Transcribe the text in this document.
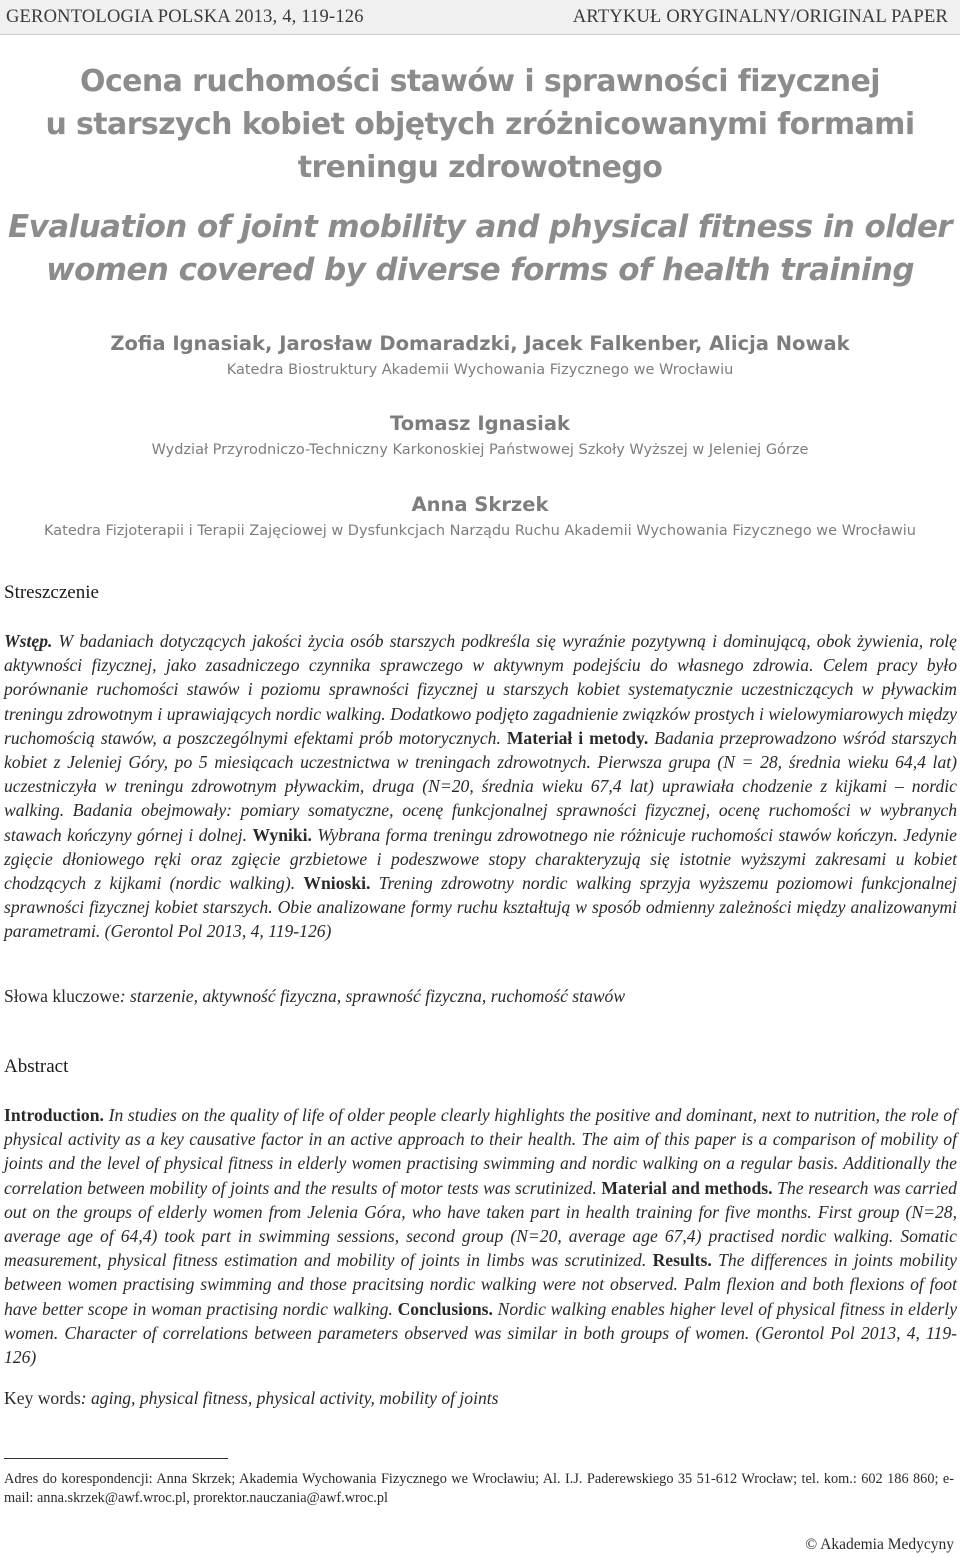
GERONTOLOGIA POLSKA 2013, 4, 119-126	ARTYKUŁ ORYGINALNY/ORIGINAL PAPER
Ocena ruchomości stawów i sprawności fizycznej
u starszych kobiet objętych zróżnicowanymi formami
treningu zdrowotnego
Evaluation of joint mobility and physical fitness in older
women covered by diverse forms of health training
Zofia Ignasiak, Jarosław Domaradzki, Jacek Falkenber, Alicja Nowak
Katedra Biostruktury Akademii Wychowania Fizycznego we Wrocławiu
Tomasz Ignasiak
Wydział Przyrodniczo-Techniczny Karkonoskiej Państwowej Szkoły Wyższej w Jeleniej Górze
Anna Skrzek
Katedra Fizjoterapii i Terapii Zajęciowej w Dysfunkcjach Narządu Ruchu Akademii Wychowania Fizycznego we Wrocławiu
Streszczenie
Wstęp. W badaniach dotyczących jakości życia osób starszych podkreśla się wyraźnie pozytywną i dominującą, obok żywienia, rolę aktywności fizycznej, jako zasadniczego czynnika sprawczego w aktywnym podejściu do własnego zdrowia. Celem pracy było porównanie ruchomości stawów i poziomu sprawności fizycznej u starszych kobiet systematycznie uczestniczących w pływackim treningu zdrowotnym i uprawiających nordic walking. Dodatkowo podjęto zagadnienie związków prostych i wielowymiarowych między ruchomością stawów, a poszczególnymi efektami prób motorycznych. Materiał i metody. Badania przeprowadzono wśród starszych kobiet z Jeleniej Góry, po 5 miesiącach uczestnictwa w treningach zdrowotnych. Pierwsza grupa (N = 28, średnia wieku 64,4 lat) uczestniczyła w treningu zdrowotnym pływackim, druga (N=20, średnia wieku 67,4 lat) uprawiała chodzenie z kijkami – nordic walking. Badania obejmowały: pomiary somatyczne, ocenę funkcjonalnej sprawności fizycznej, ocenę ruchomości w wybranych stawach kończyny górnej i dolnej. Wyniki. Wybrana forma treningu zdrowotnego nie różnicuje ruchomości stawów kończyn. Jedynie zgięcie dłoniowego ręki oraz zgięcie grzbietowe i podeszwowe stopy charakteryzują się istotnie wyższymi zakresami u kobiet chodzących z kijkami (nordic walking). Wnioski. Trening zdrowotny nordic walking sprzyja wyższemu poziomowi funkcjonalnej sprawności fizycznej kobiet starszych. Obie analizowane formy ruchu kształtują w sposób odmienny zależności między analizowanymi parametrami. (Gerontol Pol 2013, 4, 119-126)
Słowa kluczowe: starzenie, aktywność fizyczna, sprawność fizyczna, ruchomość stawów
Abstract
Introduction. In studies on the quality of life of older people clearly highlights the positive and dominant, next to nutrition, the role of physical activity as a key causative factor in an active approach to their health. The aim of this paper is a comparison of mobility of joints and the level of physical fitness in elderly women practising swimming and nordic walking on a regular basis. Additionally the correlation between mobility of joints and the results of motor tests was scrutinized. Material and methods. The research was carried out on the groups of elderly women from Jelenia Góra, who have taken part in health training for five months. First group (N=28, average age of 64,4) took part in swimming sessions, second group (N=20, average age 67,4) practised nordic walking. Somatic measurement, physical fitness estimation and mobility of joints in limbs was scrutinized. Results. The differences in joints mobility between women practising swimming and those pracitsing nordic walking were not observed. Palm flexion and both flexions of foot have better scope in woman practising nordic walking. Conclusions. Nordic walking enables higher level of physical fitness in elderly women. Character of correlations between parameters observed was similar in both groups of women. (Gerontol Pol 2013, 4, 119-126)
Key words: aging, physical fitness, physical activity, mobility of joints
Adres do korespondencji: Anna Skrzek; Akademia Wychowania Fizycznego we Wrocławiu; Al. I.J. Paderewskiego 35 51-612 Wrocław; tel. kom.: 602 186 860; e-mail: anna.skrzek@awf.wroc.pl, prorektor.nauczania@awf.wroc.pl
© Akademia Medycyny
